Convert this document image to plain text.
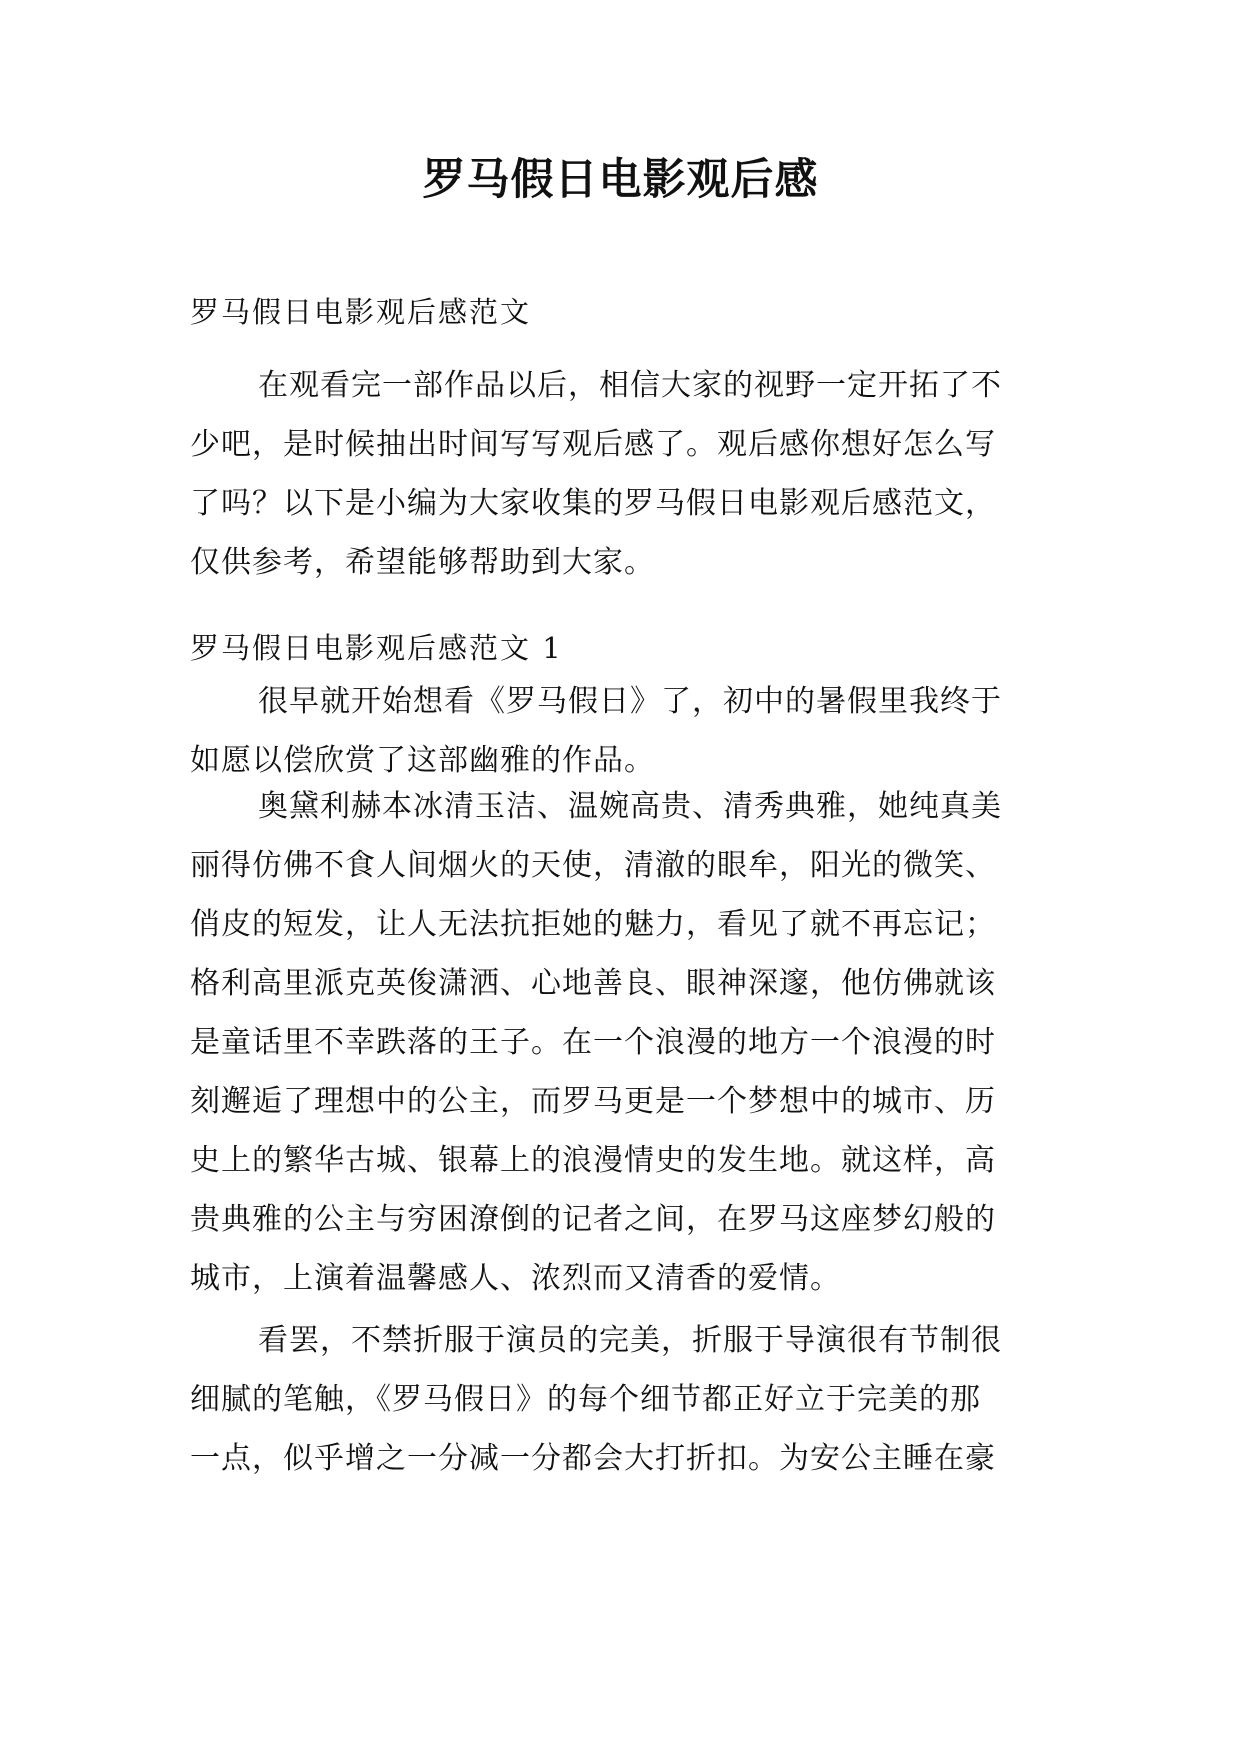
罗马假日电影观后感
罗马假日电影观后感范文
在观看完一部作品以后，相信大家的视野一定开拓了不
少吧，是时候抽出时间写写观后感了。观后感你想好怎么写
了吗？以下是小编为大家收集的罗马假日电影观后感范文，
仅供参考，希望能够帮助到大家。
罗马假日电影观后感范文 1
很早就开始想看《罗马假日》了，初中的暑假里我终于
如愿以偿欣赏了这部幽雅的作品。
奥黛利赫本冰清玉洁、温婉高贵、清秀典雅，她纯真美
丽得仿佛不食人间烟火的天使，清澈的眼牟，阳光的微笑、
俏皮的短发，让人无法抗拒她的魅力，看见了就不再忘记；
格利高里派克英俊潇洒、心地善良、眼神深邃，他仿佛就该
是童话里不幸跌落的王子。在一个浪漫的地方一个浪漫的时
刻邂逅了理想中的公主，而罗马更是一个梦想中的城市、历
史上的繁华古城、银幕上的浪漫情史的发生地。就这样，高
贵典雅的公主与穷困潦倒的记者之间，在罗马这座梦幻般的
城市，上演着温馨感人、浓烈而又清香的爱情。
看罢，不禁折服于演员的完美，折服于导演很有节制很
细腻的笔触，《罗马假日》的每个细节都正好立于完美的那
一点，似乎增之一分减一分都会大打折扣。为安公主睡在豪
